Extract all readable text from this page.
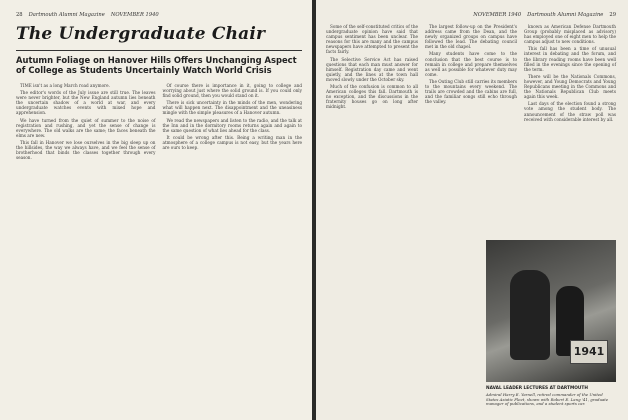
28 Dartmouth Alumni Magazine NOVEMBER 1940
The Undergraduate Chair
Autumn Foliage on Hanover Hills Offers Unchanging Aspect of College as Students Uncertainly Watch World Crisis

TIME isn't as a long March road anymore.

The editor's words of the July issue are still true. The leaves were never brighter, but the New England autumn lies beneath the uncertain shadow of a world at war, and every undergraduate watches events with mixed hope and apprehension.

We have turned from the quiet of summer to the noise of registration and rushing, and yet the sense of change is everywhere. The old walks are the same; the faces beneath the elms are new.

This fall in Hanover we lose ourselves in the big sleep up on the hillsides, the way we always have, and we feel the sense of brotherhood that binds the classes together through every season.

Of course there is importance in it, going to college and worrying about just where the solid ground is. If you could only find solid ground, then you would stand on it.

There is sick uncertainty in the minds of the men, wondering what will happen next. The disappointment and the uneasiness mingle with the simple pleasures of a Hanover autumn.

We read the newspapers and listen to the radio, and the talk at the Inn and in the dormitory rooms returns again and again to the same question of what lies ahead for the class.

It could be wrong after this. Being a writing man in the atmosphere of a college campus is not easy, but the years here are ours to keep.

NOVEMBER 1940 Dartmouth Alumni Magazine 29

Some of the self-constituted critics of the undergraduate opinion have said that campus sentiment has been unclear. The reasons for this are many and the campus newspapers have attempted to present the facts fairly.

The Selective Service Act has raised questions that each man must answer for himself. Registration day came and went quietly, and the lines at the town hall moved slowly under the October sky.

Much of the confusion is common to all American colleges this fall. Dartmouth is no exception, and the discussions in the fraternity houses go on long after midnight.

The largest follow-up on the President's address came from the Dean, and the newly organized groups on campus have followed the lead. The debating council met in the old chapel.

Many students have come to the conclusion that the best course is to remain in college and prepare themselves as well as possible for whatever duty may come.

The Outing Club still carries its members to the mountains every weekend. The trails are crowded and the cabins are full, and the familiar songs still echo through the valley.

known as American Defense Dartmouth Group (probably misplaced as advisory) has employed one of eight men to help the campus adjust to new conditions.

This fall has been a time of unusual interest in debating and the forum, and the library reading rooms have been well filled in the evenings since the opening of the term.

There will be the Nationals Commons, however, and Young Democrats and Young Republicans meeting in the Commons and the Nationals Republican Club meets again this week.

Last days of the election found a strong vote among the student body. The announcement of the straw poll was received with considerable interest by all.

1941
NAVAL LEADER LECTURES AT DARTMOUTH
Admiral Harry E. Yarnell, retired commander of the United States Asiatic Fleet, shown with Robert E. Lang '41, graduate manager of publications, and a student sports car.
